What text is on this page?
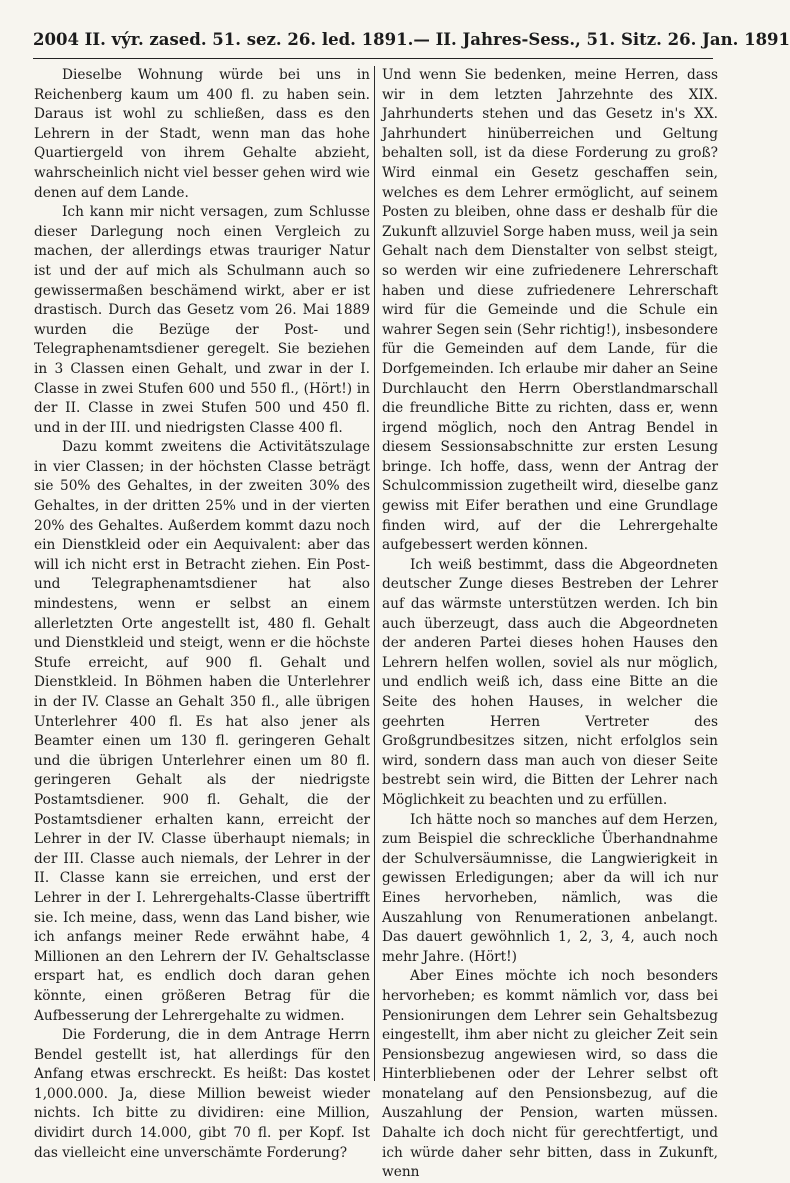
2004 II. výr. zased. 51. sez. 26. led. 1891. — II. Jahres-Sess., 51. Sitz. 26. Jan. 1891

Dieselbe Wohnung würde bei uns in Reichenberg kaum um 400 fl. zu haben sein. Daraus ist wohl zu schließen, dass es den Lehrern in der Stadt, wenn man das hohe Quartiergeld von ihrem Gehalte abzieht, wahrscheinlich nicht viel besser gehen wird wie denen auf dem Lande.

Ich kann mir nicht versagen, zum Schlusse dieser Darlegung noch einen Vergleich zu machen, der allerdings etwas trauriger Natur ist und der auf mich als Schulmann auch so gewissermaßen beschämend wirkt, aber er ist drastisch. Durch das Gesetz vom 26. Mai 1889 wurden die Bezüge der Post- und Telegraphenamtsdiener geregelt. Sie beziehen in 3 Classen einen Gehalt, und zwar in der I. Classe in zwei Stufen 600 und 550 fl., (Hört!) in der II. Classe in zwei Stufen 500 und 450 fl. und in der III. und niedrigsten Classe 400 fl.

Dazu kommt zweitens die Activitätszulage in vier Classen; in der höchsten Classe beträgt sie 50% des Gehaltes, in der zweiten 30% des Gehaltes, in der dritten 25% und in der vierten 20% des Gehaltes. Außerdem kommt dazu noch ein Dienstkleid oder ein Aequivalent: aber das will ich nicht erst in Betracht ziehen. Ein Post- und Telegraphenamtsdiener hat also mindestens, wenn er selbst an einem allerletzten Orte angestellt ist, 480 fl. Gehalt und Dienstkleid und steigt, wenn er die höchste Stufe erreicht, auf 900 fl. Gehalt und Dienstkleid. In Böhmen haben die Unterlehrer in der IV. Classe an Gehalt 350 fl., alle übrigen Unterlehrer 400 fl. Es hat also jener als Beamter einen um 130 fl. geringeren Gehalt und die übrigen Unterlehrer einen um 80 fl. geringeren Gehalt als der niedrigste Postamtsdiener. 900 fl. Gehalt, die der Postamtsdiener erhalten kann, erreicht der Lehrer in der IV. Classe überhaupt niemals; in der III. Classe auch niemals, der Lehrer in der II. Classe kann sie erreichen, und erst der Lehrer in der I. Lehrergehalts-Classe übertrifft sie. Ich meine, dass, wenn das Land bisher, wie ich anfangs meiner Rede erwähnt habe, 4 Millionen an den Lehrern der IV. Gehaltsclasse erspart hat, es endlich doch daran gehen könnte, einen größeren Betrag für die Aufbesserung der Lehrergehalte zu widmen.

Die Forderung, die in dem Antrage Herrn Bendel gestellt ist, hat allerdings für den Anfang etwas erschreckt. Es heißt: Das kostet 1,000.000. Ja, diese Million beweist wieder nichts. Ich bitte zu dividiren: eine Million, dividirt durch 14.000, gibt 70 fl. per Kopf. Ist das vielleicht eine unverschämte Forderung?

Und wenn Sie bedenken, meine Herren, dass wir in dem letzten Jahrzehnte des XIX. Jahrhunderts stehen und das Gesetz in's XX. Jahrhundert hinüberreichen und Geltung behalten soll, ist da diese Forderung zu groß? Wird einmal ein Gesetz geschaffen sein, welches es dem Lehrer ermöglicht, auf seinem Posten zu bleiben, ohne dass er deshalb für die Zukunft allzuviel Sorge haben muss, weil ja sein Gehalt nach dem Dienstalter von selbst steigt, so werden wir eine zufriedenere Lehrerschaft haben und diese zufriedenere Lehrerschaft wird für die Gemeinde und die Schule ein wahrer Segen sein (Sehr richtig!), insbesondere für die Gemeinden auf dem Lande, für die Dorfgemeinden. Ich erlaube mir daher an Seine Durchlaucht den Herrn Oberstlandmarschall die freundliche Bitte zu richten, dass er, wenn irgend möglich, noch den Antrag Bendel in diesem Sessionsabschnitte zur ersten Lesung bringe. Ich hoffe, dass, wenn der Antrag der Schulcommission zugetheilt wird, dieselbe ganz gewiss mit Eifer berathen und eine Grundlage finden wird, auf der die Lehrergehalte aufgebessert werden können.

Ich weiß bestimmt, dass die Abgeordneten deutscher Zunge dieses Bestreben der Lehrer auf das wärmste unterstützen werden. Ich bin auch überzeugt, dass auch die Abgeordneten der anderen Partei dieses hohen Hauses den Lehrern helfen wollen, soviel als nur möglich, und endlich weiß ich, dass eine Bitte an die Seite des hohen Hauses, in welcher die geehrten Herren Vertreter des Großgrundbesitzes sitzen, nicht erfolglos sein wird, sondern dass man auch von dieser Seite bestrebt sein wird, die Bitten der Lehrer nach Möglichkeit zu beachten und zu erfüllen.

Ich hätte noch so manches auf dem Herzen, zum Beispiel die schreckliche Überhandnahme der Schulversäumnisse, die Langwierigkeit in gewissen Erledigungen; aber da will ich nur Eines hervorheben, nämlich, was die Auszahlung von Renumerationen anbelangt. Das dauert gewöhnlich 1, 2, 3, 4, auch noch mehr Jahre. (Hört!)

Aber Eines möchte ich noch besonders hervorheben; es kommt nämlich vor, dass bei Pensionirungen dem Lehrer sein Gehaltsbezug eingestellt, ihm aber nicht zu gleicher Zeit sein Pensionsbezug angewiesen wird, so dass die Hinterbliebenen oder der Lehrer selbst oft monatelang auf den Pensionsbezug, auf die Auszahlung der Pension, warten müssen. Dahalte ich doch nicht für gerechtfertigt, und ich würde daher sehr bitten, dass in Zukunft, wenn
